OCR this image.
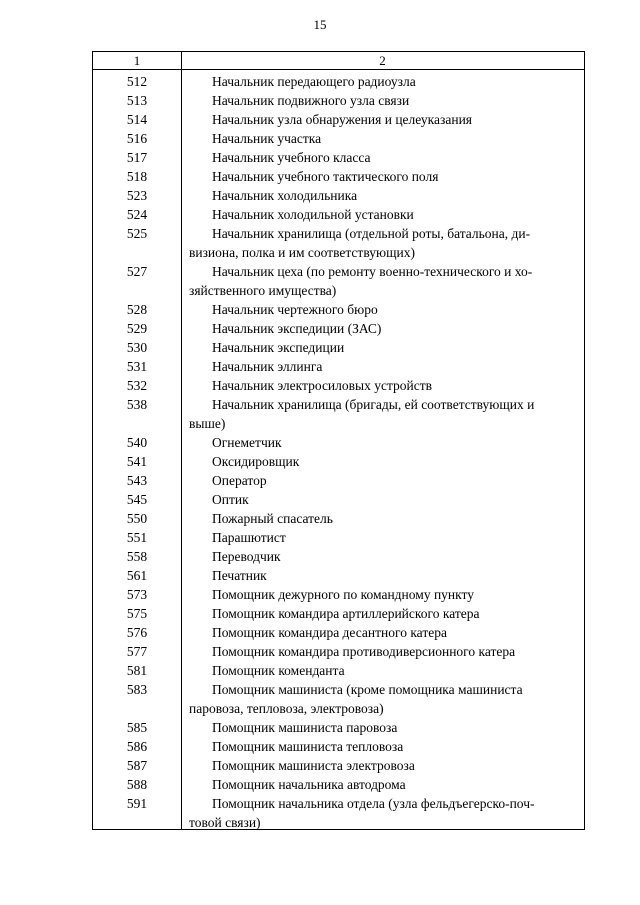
15
1	2
512	Начальник передающего радиоузла
513	Начальник подвижного узла связи
514	Начальник узла обнаружения и целеуказания
516	Начальник участка
517	Начальник учебного класса
518	Начальник учебного тактического поля
523	Начальник холодильника
524	Начальник холодильной установки
525	Начальник хранилища (отдельной роты, батальона, ди-
визиона, полка и им соответствующих)
527	Начальник цеха (по ремонту военно-технического и хо-
зяйственного имущества)
528	Начальник чертежного бюро
529	Начальник экспедиции (ЗАС)
530	Начальник экспедиции
531	Начальник эллинга
532	Начальник электросиловых устройств
538	Начальник хранилища (бригады, ей соответствующих и
выше)
540	Огнеметчик
541	Оксидировщик
543	Оператор
545	Оптик
550	Пожарный спасатель
551	Парашютист
558	Переводчик
561	Печатник
573	Помощник дежурного по командному пункту
575	Помощник командира артиллерийского катера
576	Помощник командира десантного катера
577	Помощник командира противодиверсионного катера
581	Помощник коменданта
583	Помощник машиниста (кроме помощника машиниста
паровоза, тепловоза, электровоза)
585	Помощник машиниста паровоза
586	Помощник машиниста тепловоза
587	Помощник машиниста электровоза
588	Помощник начальника автодрома
591	Помощник начальника отдела (узла фельдъегерско-поч-
товой связи)
